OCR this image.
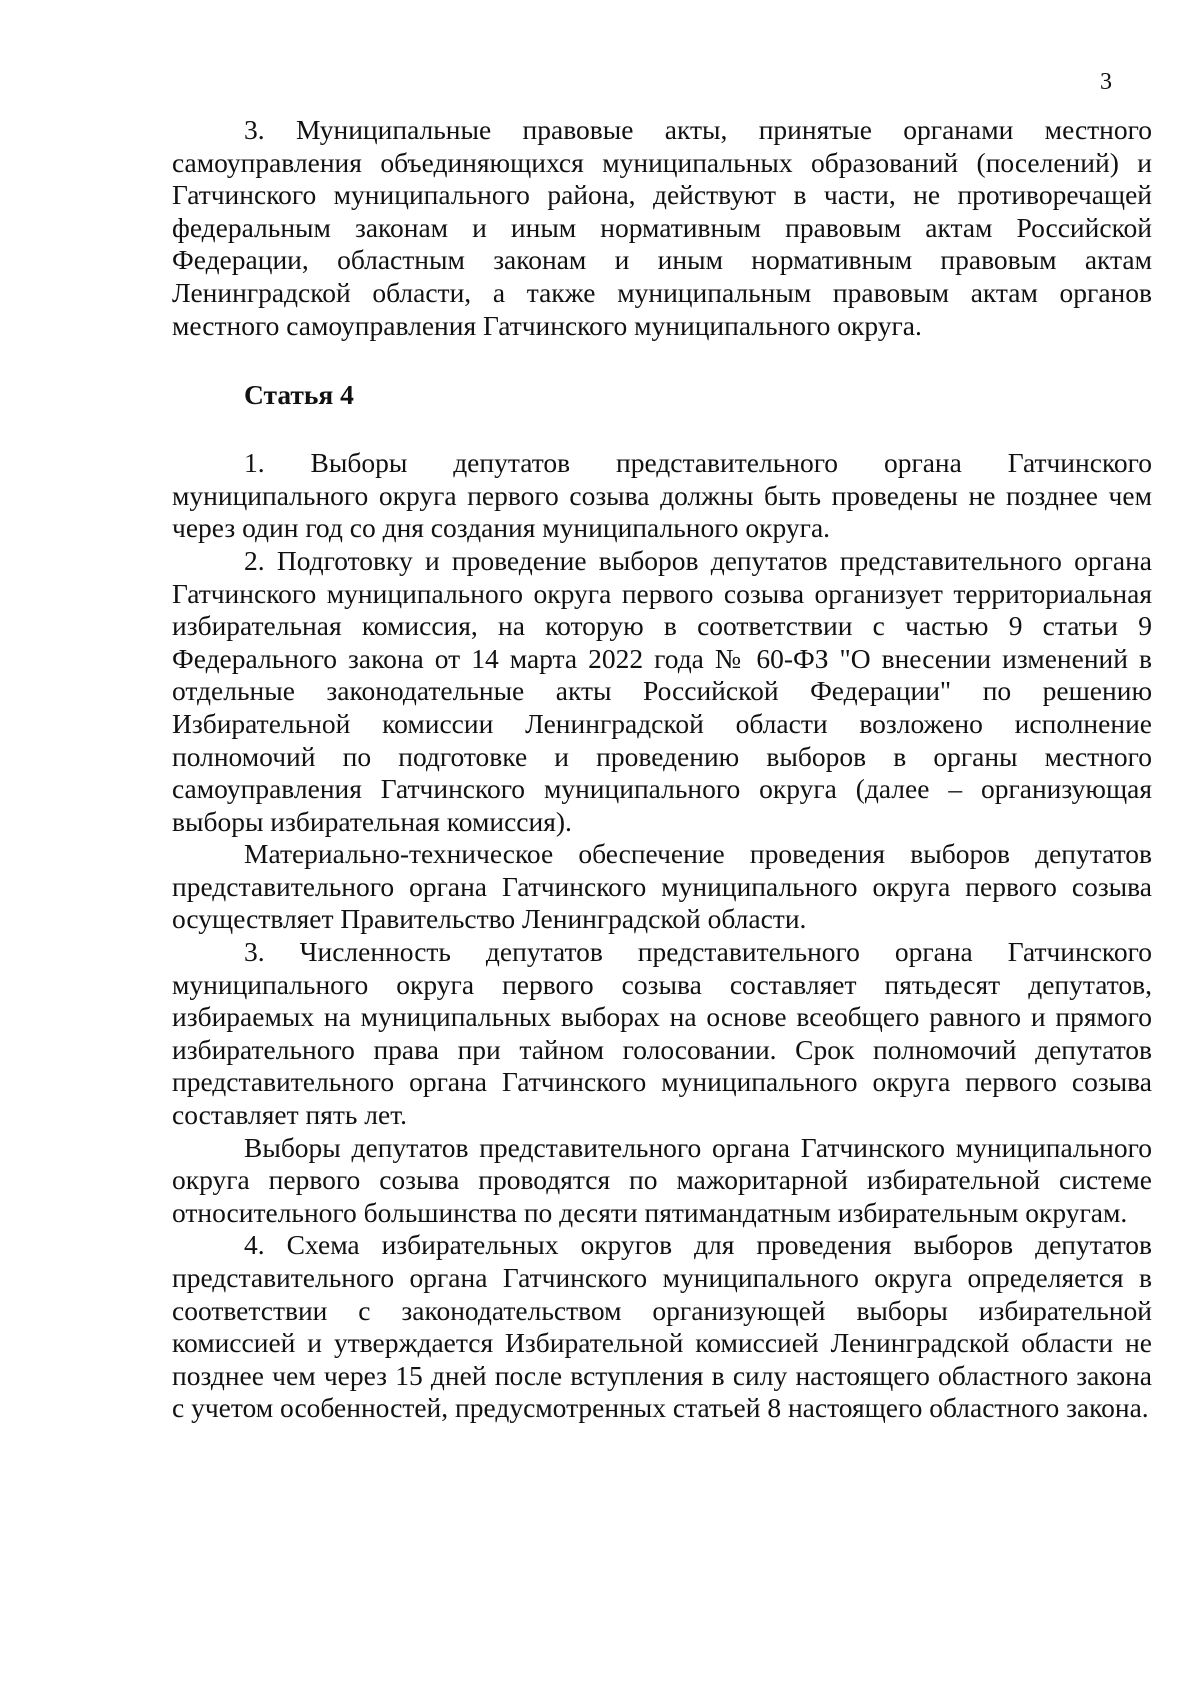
3

3. Муниципальные правовые акты, принятые органами местного самоуправления объединяющихся муниципальных образований (поселений) и Гатчинского муниципального района, действуют в части, не противоречащей федеральным законам и иным нормативным правовым актам Российской Федерации, областным законам и иным нормативным правовым актам Ленинградской области, а также муниципальным правовым актам органов местного самоуправления Гатчинского муниципального округа.

Статья 4

1. Выборы депутатов представительного органа Гатчинского муниципального округа первого созыва должны быть проведены не позднее чем через один год со дня создания муниципального округа.

2. Подготовку и проведение выборов депутатов представительного органа Гатчинского муниципального округа первого созыва организует территориальная избирательная комиссия, на которую в соответствии с частью 9 статьи 9 Федерального закона от 14 марта 2022 года № 60-ФЗ "О внесении изменений в отдельные законодательные акты Российской Федерации" по решению Избирательной комиссии Ленинградской области возложено исполнение полномочий по подготовке и проведению выборов в органы местного самоуправления Гатчинского муниципального округа (далее – организующая выборы избирательная комиссия).

Материально-техническое обеспечение проведения выборов депутатов представительного органа Гатчинского муниципального округа первого созыва осуществляет Правительство Ленинградской области.

3. Численность депутатов представительного органа Гатчинского муниципального округа первого созыва составляет пятьдесят депутатов, избираемых на муниципальных выборах на основе всеобщего равного и прямого избирательного права при тайном голосовании. Срок полномочий депутатов представительного органа Гатчинского муниципального округа первого созыва составляет пять лет.

Выборы депутатов представительного органа Гатчинского муниципального округа первого созыва проводятся по мажоритарной избирательной системе относительного большинства по десяти пятимандатным избирательным округам.

4. Схема избирательных округов для проведения выборов депутатов представительного органа Гатчинского муниципального округа определяется в соответствии с законодательством организующей выборы избирательной комиссией и утверждается Избирательной комиссией Ленинградской области не позднее чем через 15 дней после вступления в силу настоящего областного закона с учетом особенностей, предусмотренных статьей 8 настоящего областного закона.
